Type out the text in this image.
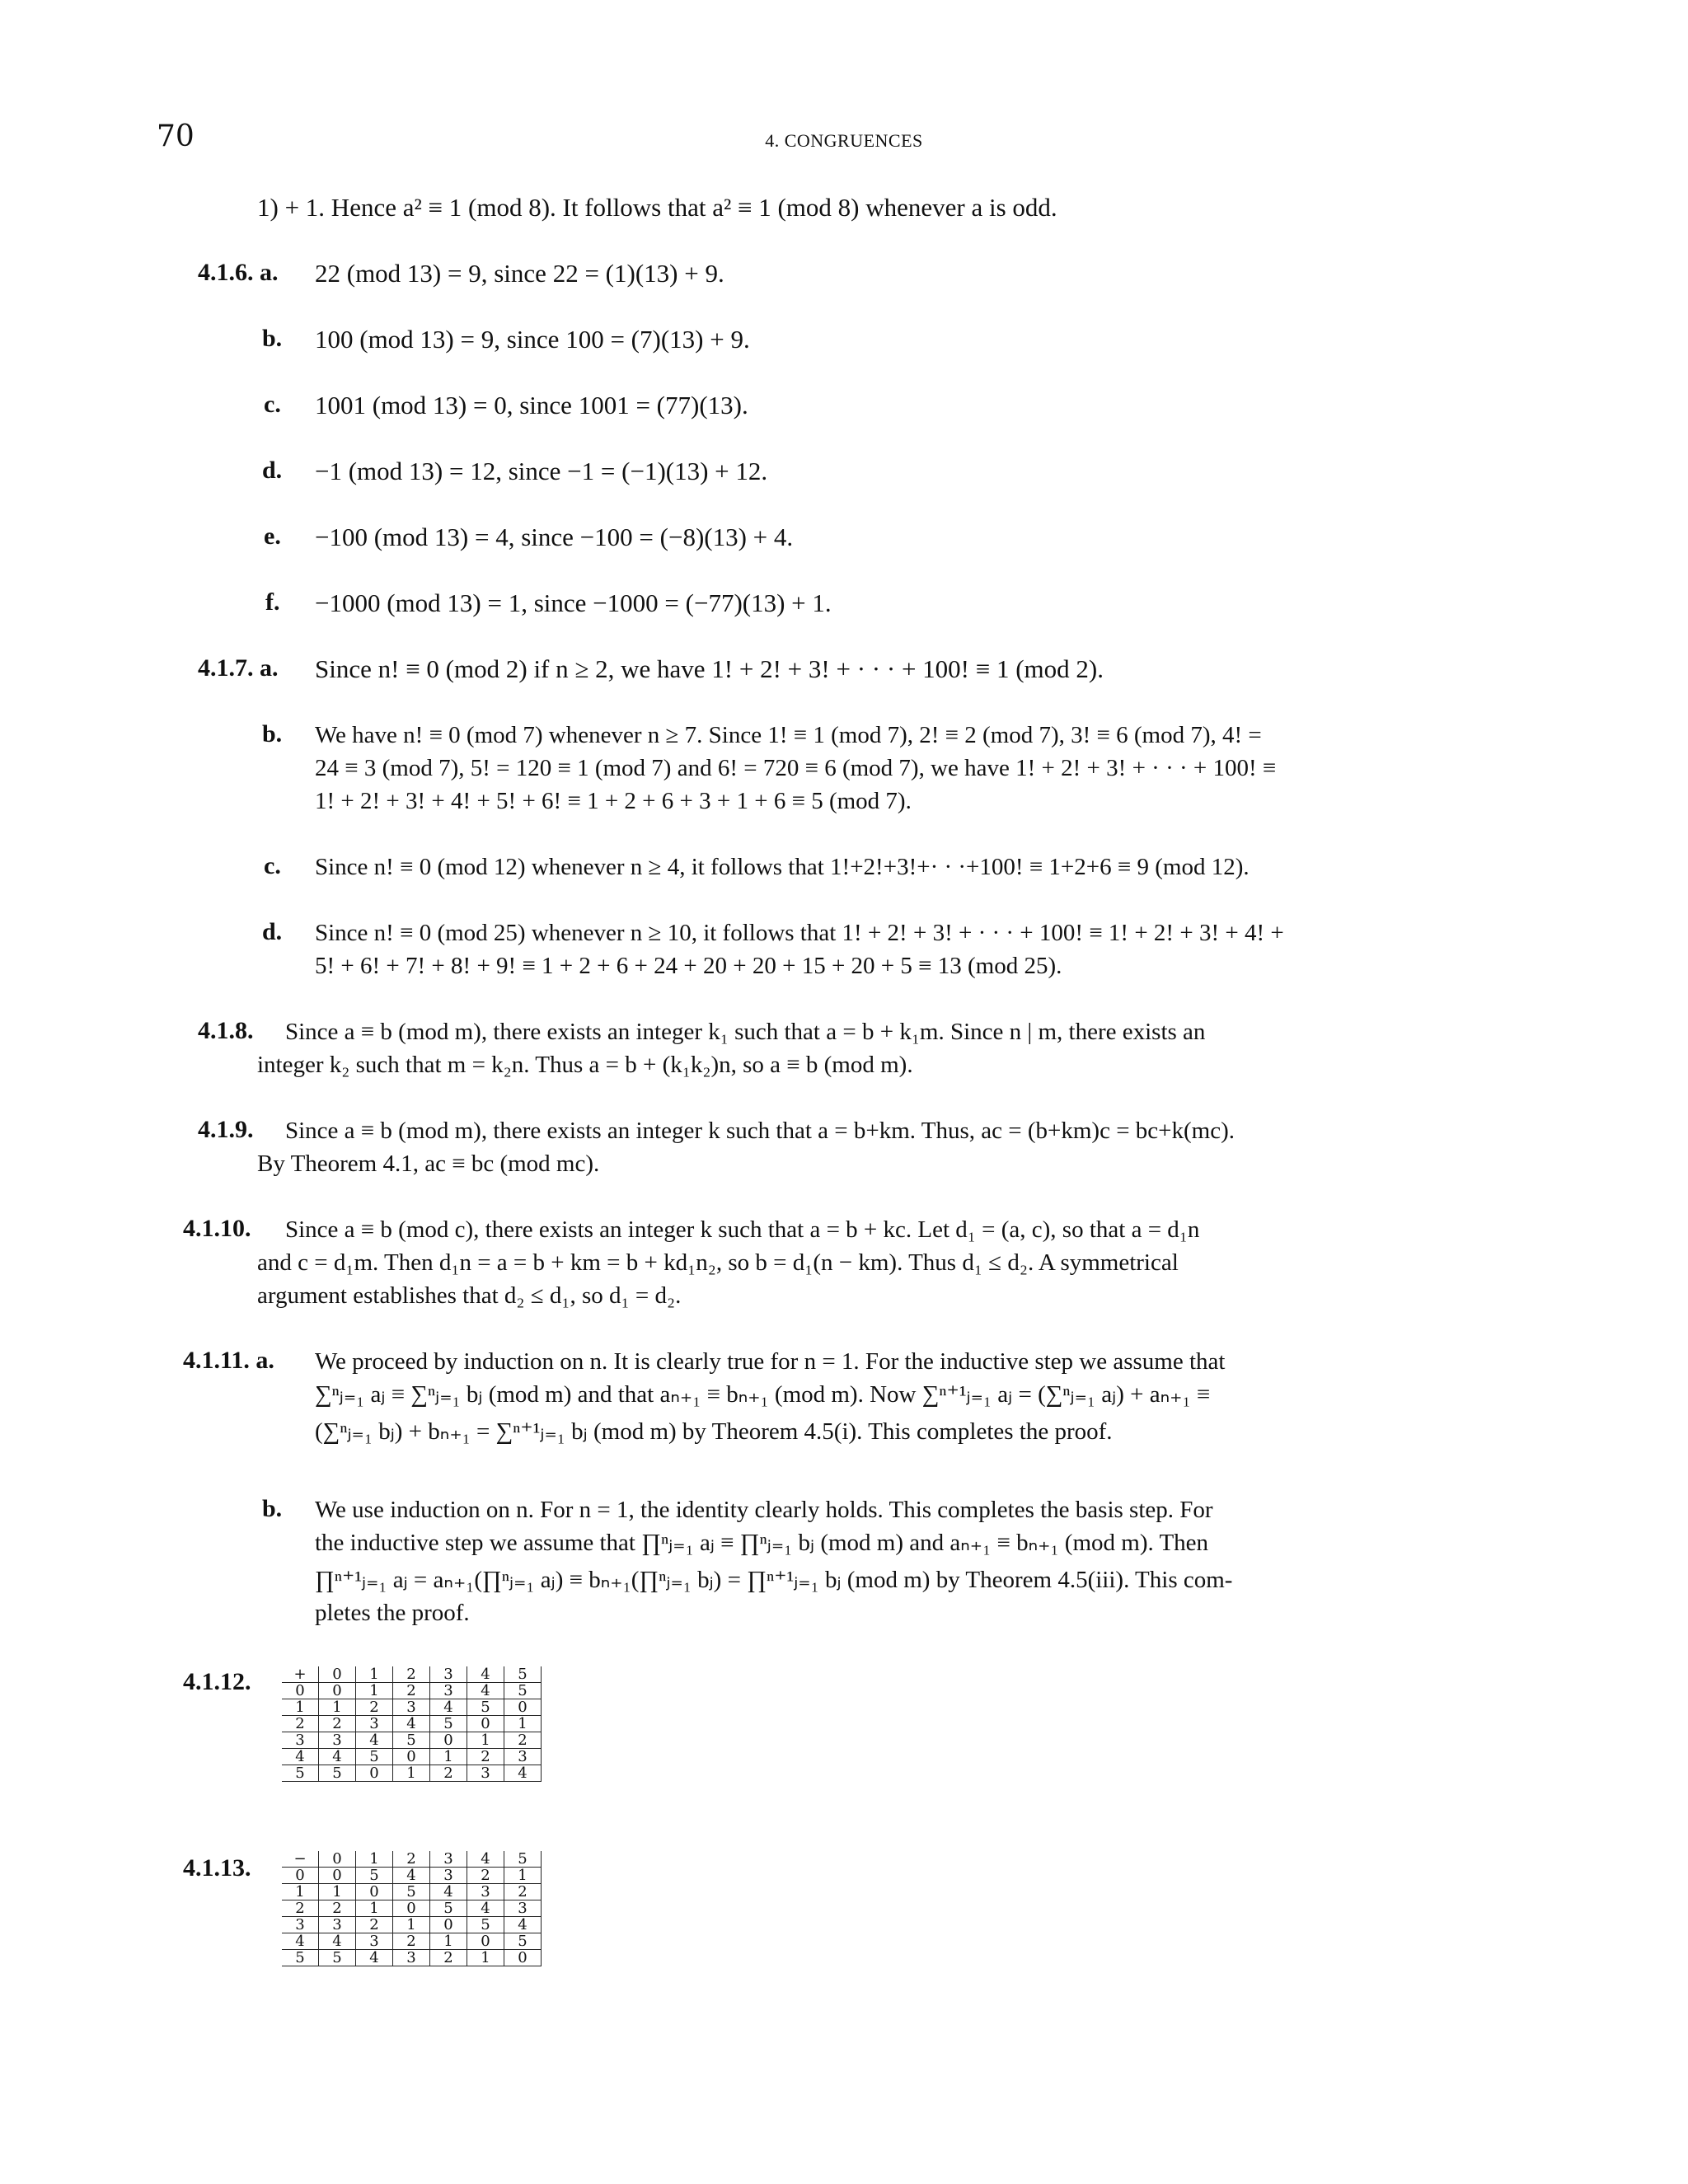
70	4. CONGRUENCES
4.1.6. a.
b.
c.
d.
e.
f.
4.1.7. a.
b.
c.
d.
4.1.8.
4.1.9.
4.1.10.
4.1.11. a.
b.
4.1.12.
4.1.13.
1) + 1. Hence a² ≡ 1 (mod 8). It follows that a² ≡ 1 (mod 8) whenever a is odd.
22 (mod 13) = 9, since 22 = (1)(13) + 9.
100 (mod 13) = 9, since 100 = (7)(13) + 9.
1001 (mod 13) = 0, since 1001 = (77)(13).
−1 (mod 13) = 12, since −1 = (−1)(13) + 12.
−100 (mod 13) = 4, since −100 = (−8)(13) + 4.
−1000 (mod 13) = 1, since −1000 = (−77)(13) + 1.
Since n! ≡ 0 (mod 2) if n ≥ 2, we have 1! + 2! + 3! + · · · + 100! ≡ 1 (mod 2).
We have n! ≡ 0 (mod 7) whenever n ≥ 7. Since 1! ≡ 1 (mod 7), 2! ≡ 2 (mod 7), 3! ≡ 6 (mod 7), 4! =
24 ≡ 3 (mod 7), 5! = 120 ≡ 1 (mod 7) and 6! = 720 ≡ 6 (mod 7), we have 1! + 2! + 3! + · · · + 100! ≡
1! + 2! + 3! + 4! + 5! + 6! ≡ 1 + 2 + 6 + 3 + 1 + 6 ≡ 5 (mod 7).
Since n! ≡ 0 (mod 12) whenever n ≥ 4, it follows that 1!+2!+3!+· · ·+100! ≡ 1+2+6 ≡ 9 (mod 12).
Since n! ≡ 0 (mod 25) whenever n ≥ 10, it follows that 1! + 2! + 3! + · · · + 100! ≡ 1! + 2! + 3! + 4! +
5! + 6! + 7! + 8! + 9! ≡ 1 + 2 + 6 + 24 + 20 + 20 + 15 + 20 + 5 ≡ 13 (mod 25).
Since a ≡ b (mod m), there exists an integer k₁ such that a = b + k₁m. Since n | m, there exists an
integer k₂ such that m = k₂n. Thus a = b + (k₁k₂)n, so a ≡ b (mod m).
Since a ≡ b (mod m), there exists an integer k such that a = b+km. Thus, ac = (b+km)c = bc+k(mc).
By Theorem 4.1, ac ≡ bc (mod mc).
Since a ≡ b (mod c), there exists an integer k such that a = b + kc. Let d₁ = (a, c), so that a = d₁n
and c = d₁m. Then d₁n = a = b + km = b + kd₁n₂, so b = d₁(n − km). Thus d₁ ≤ d₂. A symmetrical
argument establishes that d₂ ≤ d₁, so d₁ = d₂.
We proceed by induction on n. It is clearly true for n = 1. For the inductive step we assume that
∑ⁿⱼ₌₁ aⱼ ≡ ∑ⁿⱼ₌₁ bⱼ (mod m) and that aₙ₊₁ ≡ bₙ₊₁ (mod m). Now ∑ⁿ⁺¹ⱼ₌₁ aⱼ = (∑ⁿⱼ₌₁ aⱼ) + aₙ₊₁ ≡
(∑ⁿⱼ₌₁ bⱼ) + bₙ₊₁ = ∑ⁿ⁺¹ⱼ₌₁ bⱼ (mod m) by Theorem 4.5(i). This completes the proof.
We use induction on n. For n = 1, the identity clearly holds. This completes the basis step. For
the inductive step we assume that ∏ⁿⱼ₌₁ aⱼ ≡ ∏ⁿⱼ₌₁ bⱼ (mod m) and aₙ₊₁ ≡ bₙ₊₁ (mod m). Then
∏ⁿ⁺¹ⱼ₌₁ aⱼ = aₙ₊₁(∏ⁿⱼ₌₁ aⱼ) ≡ bₙ₊₁(∏ⁿⱼ₌₁ bⱼ) = ∏ⁿ⁺¹ⱼ₌₁ bⱼ (mod m) by Theorem 4.5(iii). This com-
pletes the proof.
+	0	1	2	3	4	5
0	0	1	2	3	4	5
1	1	2	3	4	5	0
2	2	3	4	5	0	1
3	3	4	5	0	1	2
4	4	5	0	1	2	3
5	5	0	1	2	3	4
−	0	1	2	3	4	5
0	0	5	4	3	2	1
1	1	0	5	4	3	2
2	2	1	0	5	4	3
3	3	2	1	0	5	4
4	4	3	2	1	0	5
5	5	4	3	2	1	0
